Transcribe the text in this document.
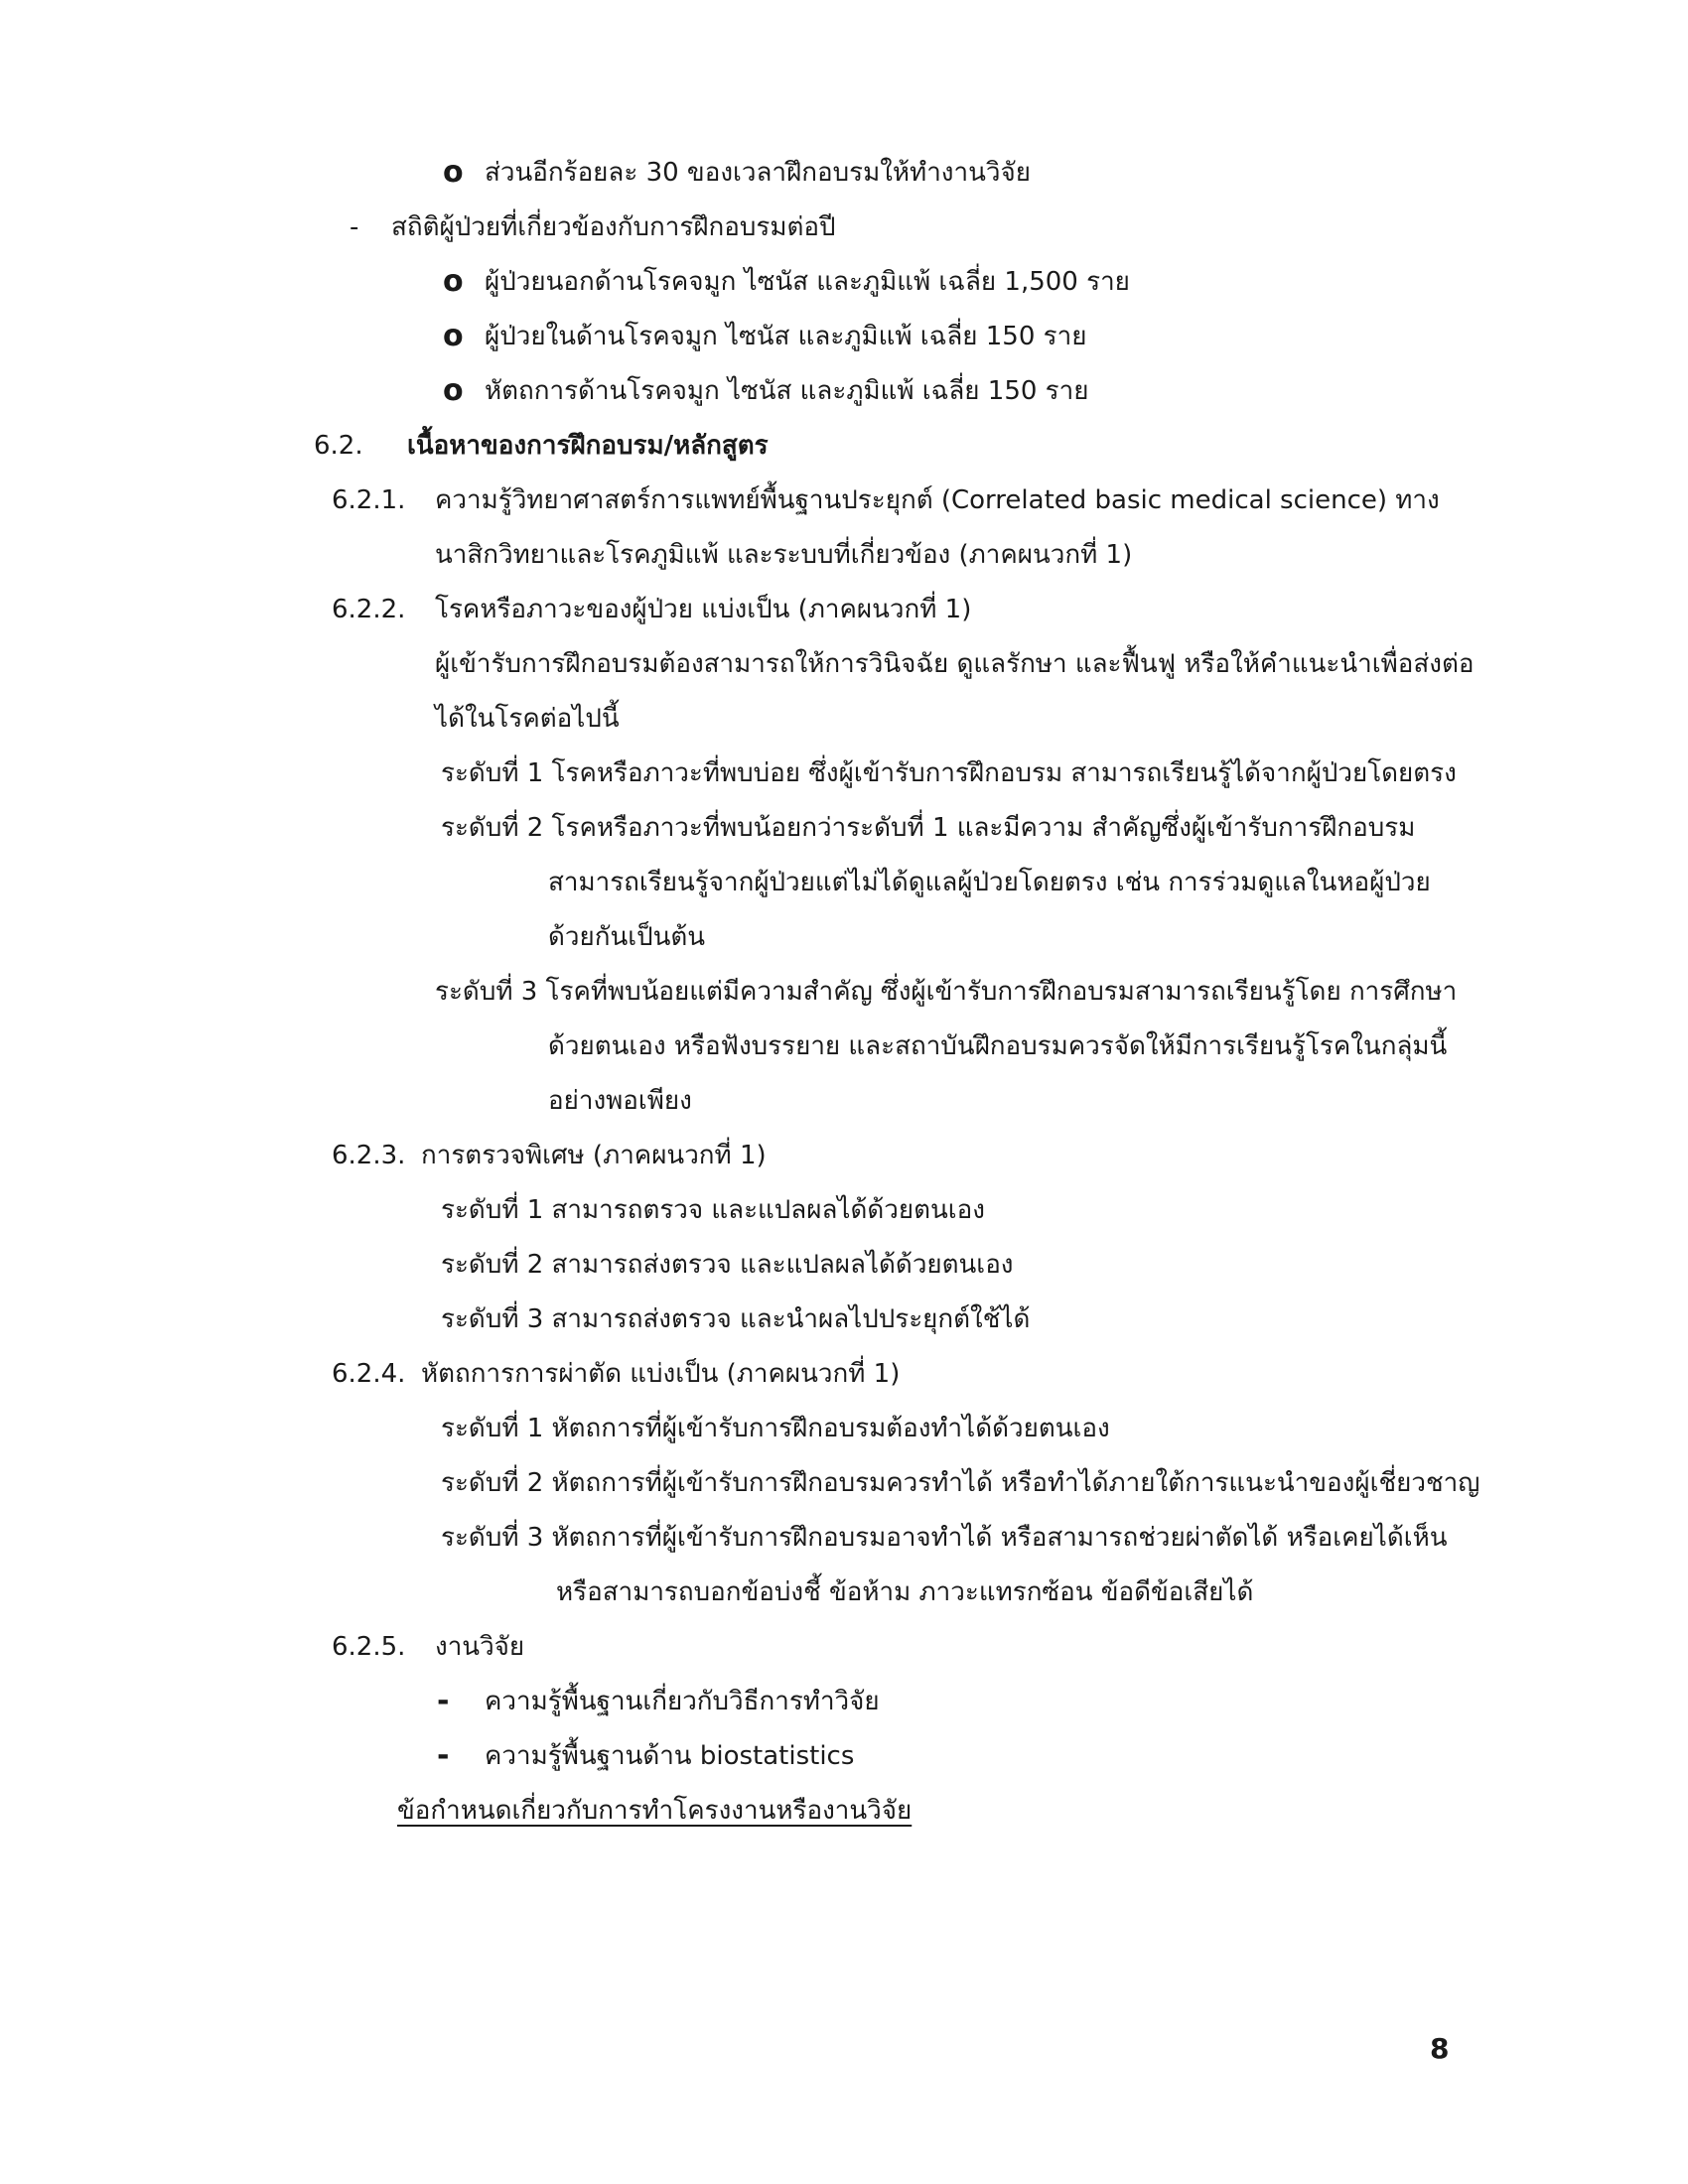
o ส่วนอีกร้อยละ 30 ของเวลาฝึกอบรมให้ทำงานวิจัย
- สถิติผู้ป่วยที่เกี่ยวข้องกับการฝึกอบรมต่อปี
o ผู้ป่วยนอกด้านโรคจมูก ไซนัส และภูมิแพ้ เฉลี่ย 1,500 ราย
o ผู้ป่วยในด้านโรคจมูก ไซนัส และภูมิแพ้ เฉลี่ย 150 ราย
o หัตถการด้านโรคจมูก ไซนัส และภูมิแพ้ เฉลี่ย 150 ราย
6.2. เนื้อหาของการฝึกอบรม/หลักสูตร
6.2.1. ความรู้วิทยาศาสตร์การแพทย์พื้นฐานประยุกต์ (Correlated basic medical science) ทาง
นาสิกวิทยาและโรคภูมิแพ้ และระบบที่เกี่ยวข้อง (ภาคผนวกที่ 1)
6.2.2. โรคหรือภาวะของผู้ป่วย แบ่งเป็น (ภาคผนวกที่ 1)
ผู้เข้ารับการฝึกอบรมต้องสามารถให้การวินิจฉัย ดูแลรักษา และฟื้นฟู หรือให้คำแนะนำเพื่อส่งต่อ
ได้ในโรคต่อไปนี้
ระดับที่ 1 โรคหรือภาวะที่พบบ่อย ซึ่งผู้เข้ารับการฝึกอบรม สามารถเรียนรู้ได้จากผู้ป่วยโดยตรง
ระดับที่ 2 โรคหรือภาวะที่พบน้อยกว่าระดับที่ 1 และมีความ สำคัญซึ่งผู้เข้ารับการฝึกอบรม
สามารถเรียนรู้จากผู้ป่วยแต่ไม่ได้ดูแลผู้ป่วยโดยตรง เช่น การร่วมดูแลในหอผู้ป่วย
ด้วยกันเป็นต้น
ระดับที่ 3 โรคที่พบน้อยแต่มีความสำคัญ ซึ่งผู้เข้ารับการฝึกอบรมสามารถเรียนรู้โดย การศึกษา
ด้วยตนเอง หรือฟังบรรยาย และสถาบันฝึกอบรมควรจัดให้มีการเรียนรู้โรคในกลุ่มนี้
อย่างพอเพียง
6.2.3. การตรวจพิเศษ (ภาคผนวกที่ 1)
ระดับที่ 1 สามารถตรวจ และแปลผลได้ด้วยตนเอง
ระดับที่ 2 สามารถส่งตรวจ และแปลผลได้ด้วยตนเอง
ระดับที่ 3 สามารถส่งตรวจ และนำผลไปประยุกต์ใช้ได้
6.2.4. หัตถการการผ่าตัด แบ่งเป็น (ภาคผนวกที่ 1)
ระดับที่ 1 หัตถการที่ผู้เข้ารับการฝึกอบรมต้องทำได้ด้วยตนเอง
ระดับที่ 2 หัตถการที่ผู้เข้ารับการฝึกอบรมควรทำได้ หรือทำได้ภายใต้การแนะนำของผู้เชี่ยวชาญ
ระดับที่ 3 หัตถการที่ผู้เข้ารับการฝึกอบรมอาจทำได้ หรือสามารถช่วยผ่าตัดได้ หรือเคยได้เห็น
หรือสามารถบอกข้อบ่งชี้ ข้อห้าม ภาวะแทรกซ้อน ข้อดีข้อเสียได้
6.2.5. งานวิจัย
- ความรู้พื้นฐานเกี่ยวกับวิธีการทำวิจัย
- ความรู้พื้นฐานด้าน biostatistics
ข้อกำหนดเกี่ยวกับการทำโครงงานหรืองานวิจัย
8
